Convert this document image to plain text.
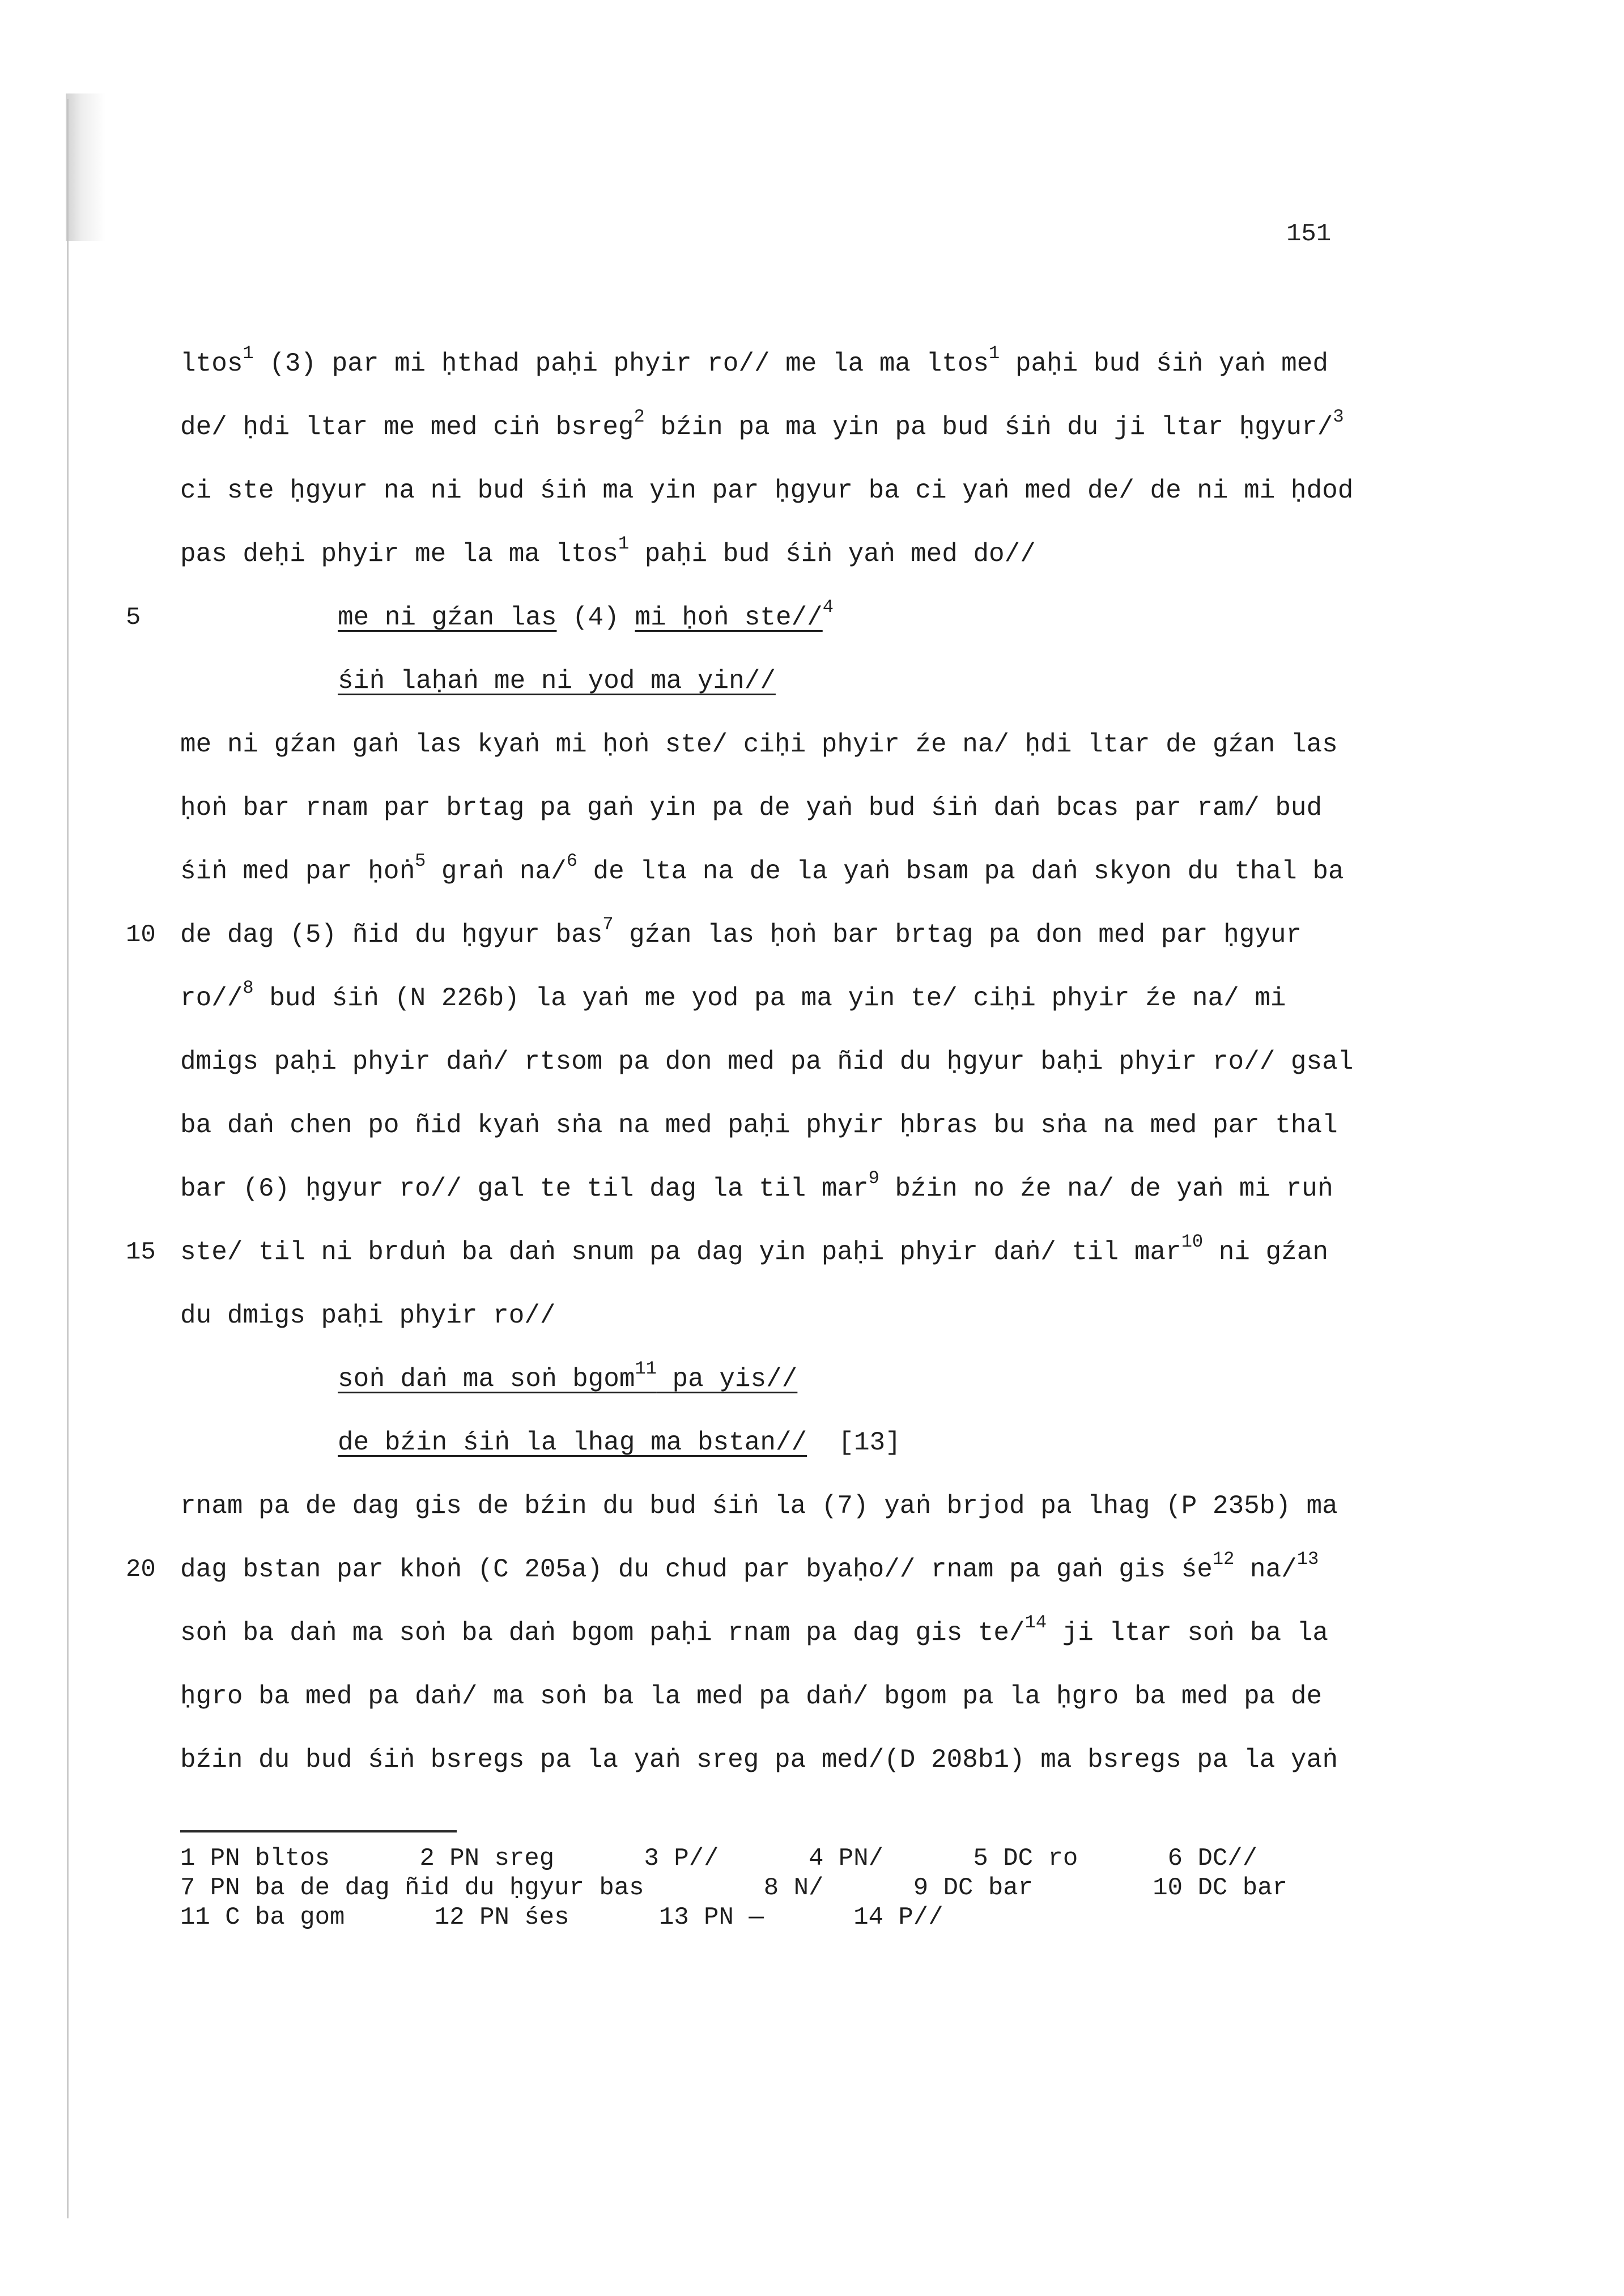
151
ltos$^1$ (3) par mi ḥthad paḥi phyir ro// me la ma ltos$^1$ paḥi bud śiṅ yaṅ med
de/ ḥdi ltar me med ciṅ bsreg$^2$ bźin pa ma yin pa bud śiṅ du ji ltar ḥgyur/$^3$
ci ste ḥgyur na ni bud śiṅ ma yin par ḥgyur ba ci yaṅ med de/ de ni mi ḥdod
pas deḥi phyir me la ma ltos$^1$ paḥi bud śiṅ yaṅ med do//
5	me ni gźan las (4) mi ḥoṅ ste//$^4$
śiṅ laḥaṅ me ni yod ma yin//
me ni gźan gaṅ las kyaṅ mi ḥoṅ ste/ ciḥi phyir źe na/ ḥdi ltar de gźan las
ḥoṅ bar rnam par brtag pa gaṅ yin pa de yaṅ bud śiṅ daṅ bcas par ram/ bud
śiṅ med par ḥoṅ$^5$ graṅ na/$^6$ de lta na de la yaṅ bsam pa daṅ skyon du thal ba
10 de dag (5) ñid du ḥgyur bas$^7$ gźan las ḥoṅ bar brtag pa don med par ḥgyur
ro//$^8$ bud śiṅ (N 226b) la yaṅ me yod pa ma yin te/ ciḥi phyir źe na/ mi
dmigs paḥi phyir daṅ/ rtsom pa don med pa ñid du ḥgyur baḥi phyir ro// gsal
ba daṅ chen po ñid kyaṅ sṅa na med paḥi phyir ḥbras bu sṅa na med par thal
bar (6) ḥgyur ro// gal te til dag la til mar$^9$ bźin no źe na/ de yaṅ mi ruṅ
15 ste/ til ni brduṅ ba daṅ snum pa dag yin paḥi phyir daṅ/ til mar$^{10}$ ni gźan
du dmigs paḥi phyir ro//
soṅ daṅ ma soṅ bgom$^{11}$ pa yis//
de bźin śiṅ la lhag ma bstan//  [13]
rnam pa de dag gis de bźin du bud śiṅ la (7) yaṅ brjod pa lhag (P 235b) ma
20 dag bstan par khoṅ (C 205a) du chud par byaḥo// rnam pa gaṅ gis $śe^{12}$ na/$^{13}$
soṅ ba daṅ ma soṅ ba daṅ bgom paḥi rnam pa dag gis te/$^{14}$ ji ltar soṅ ba la
ḥgro ba med pa daṅ/ ma soṅ ba la med pa daṅ/ bgom pa la ḥgro ba med pa de
bźin du bud śiṅ bsregs pa la yaṅ sreg pa med/(D 208b1) ma bsregs pa la yaṅ
1 PN bltos      2 PN sreg      3 P//      4 PN/      5 DC ro      6 DC//
7 PN ba de dag ñid du ḥgyur bas        8 N/      9 DC bar        10 DC bar
11 C ba gom      12 PN śes      13 PN —      14 P//
